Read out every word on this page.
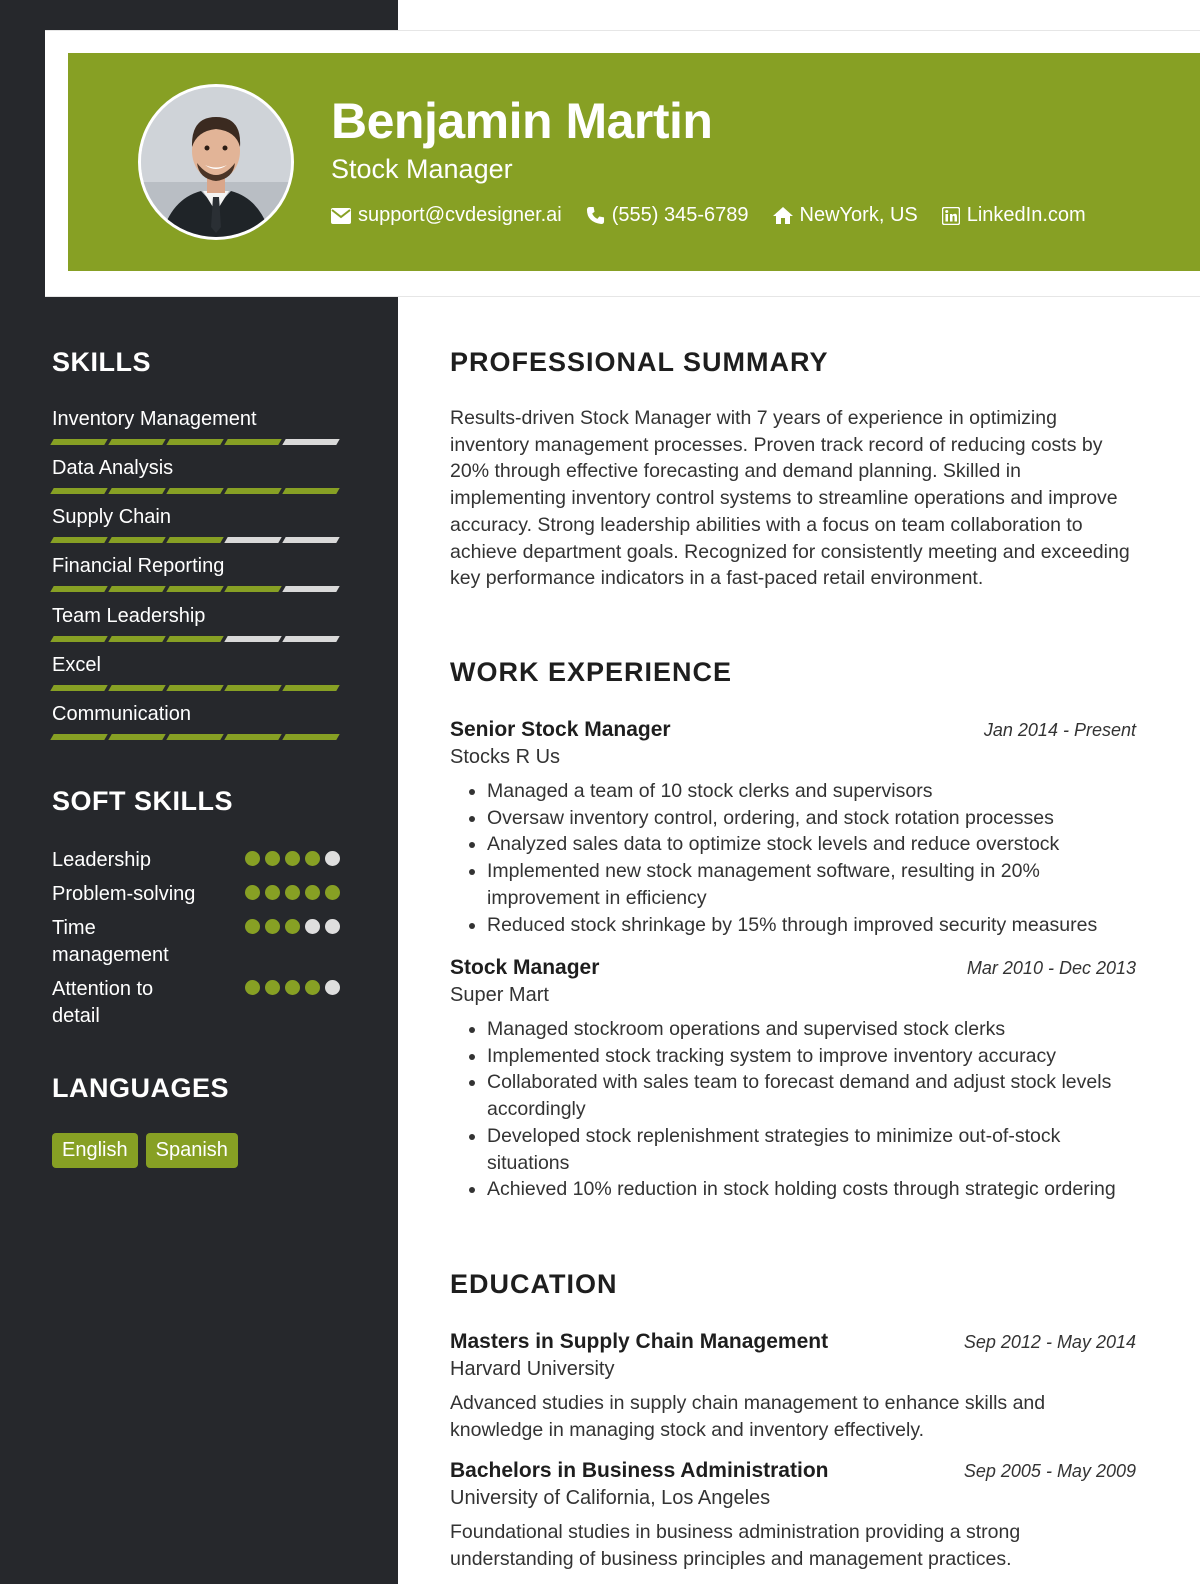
Benjamin Martin
Stock Manager
support@cvdesigner.ai	(555) 345-6789	NewYork, US LinkedIn.com
SKILLS
Inventory Management
Data Analysis
Supply Chain
Financial Reporting
Team Leadership
Excel
Communication
SOFT SKILLS
Leadership
Problem-solving
Time management
Attention to detail
LANGUAGES
English	Spanish
PROFESSIONAL SUMMARY

Results-driven Stock Manager with 7 years of experience in optimizing inventory management processes. Proven track record of reducing costs by 20% through effective forecasting and demand planning. Skilled in implementing inventory control systems to streamline operations and improve accuracy. Strong leadership abilities with a focus on team collaboration to achieve department goals. Recognized for consistently meeting and exceeding key performance indicators in a fast-paced retail environment.

WORK EXPERIENCE
Senior Stock Manager	Jan 2014 - Present
Stocks R Us
• Managed a team of 10 stock clerks and supervisors
• Oversaw inventory control, ordering, and stock rotation processes
• Analyzed sales data to optimize stock levels and reduce overstock
• Implemented new stock management software, resulting in 20% improvement in efficiency
• Reduced stock shrinkage by 15% through improved security measures
Stock Manager	Mar 2010 - Dec 2013
Super Mart
• Managed stockroom operations and supervised stock clerks
• Implemented stock tracking system to improve inventory accuracy
• Collaborated with sales team to forecast demand and adjust stock levels accordingly
• Developed stock replenishment strategies to minimize out-of-stock situations
• Achieved 10% reduction in stock holding costs through strategic ordering
EDUCATION
Masters in Supply Chain Management	Sep 2012 - May 2014
Harvard University

Advanced studies in supply chain management to enhance skills and knowledge in managing stock and inventory effectively.

Bachelors in Business Administration	Sep 2005 - May 2009
University of California, Los Angeles

Foundational studies in business administration providing a strong understanding of business principles and management practices.
